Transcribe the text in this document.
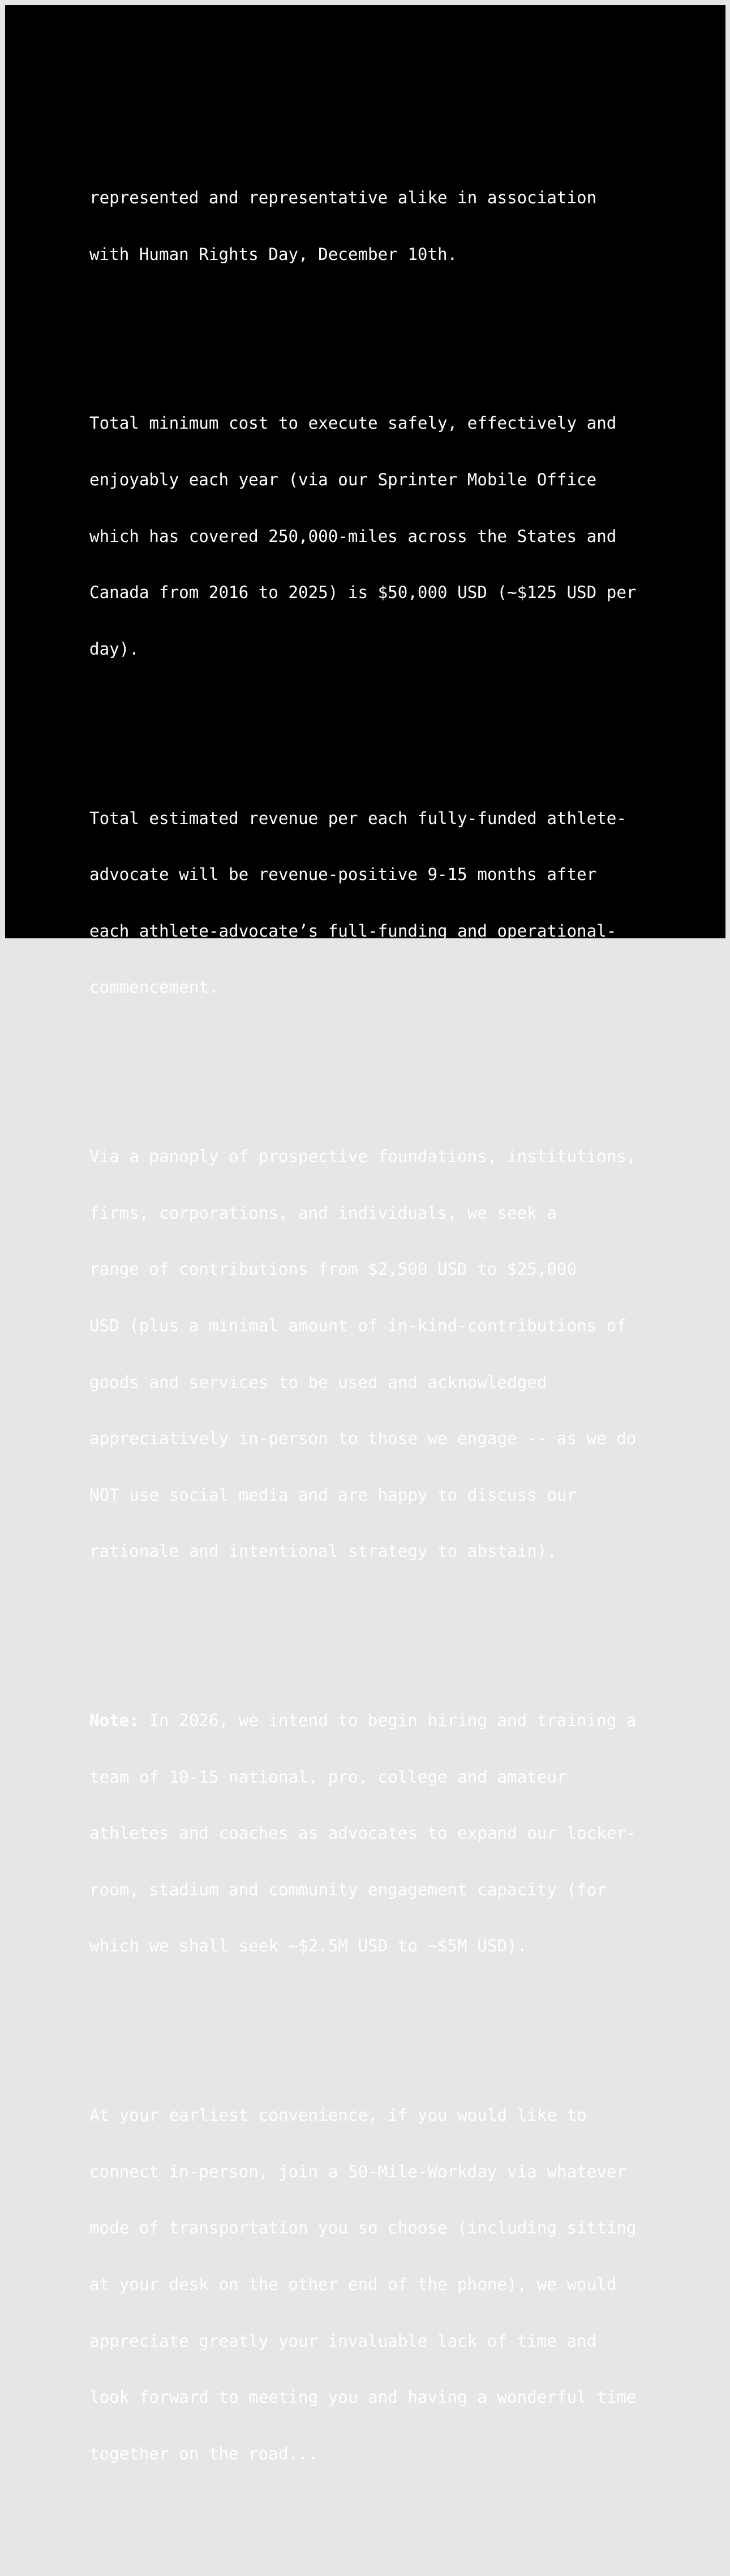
represented and representative alike in association

with Human Rights Day, December 10th.

Total minimum cost to execute safely, effectively and

enjoyably each year (via our Sprinter Mobile Office

which has covered 250,000-miles across the States and

Canada from 2016 to 2025) is $50,000 USD (~$125 USD per

day).

Total estimated revenue per each fully-funded athlete-

advocate will be revenue-positive 9-15 months after

each athlete-advocate’s full-funding and operational-

commencement.

Via a panoply of prospective foundations, institutions,

firms, corporations, and individuals, we seek a

range of contributions from $2,500 USD to $25,000

USD (plus a minimal amount of in-kind-contributions of

goods and services to be used and acknowledged

appreciatively in-person to those we engage -- as we do

NOT use social media and are happy to discuss our

rationale and intentional strategy to abstain).

Note: In 2026, we intend to begin hiring and training a

team of 10-15 national, pro, college and amateur

athletes and coaches as advocates to expand our locker-

room, stadium and community engagement capacity (for

which we shall seek ~$2.5M USD to ~$5M USD).

At your earliest convenience, if you would like to

connect in-person, join a 50-Mile-Workday via whatever

mode of transportation you so choose (including sitting

at your desk on the other end of the phone), we would

appreciate greatly your invaluable lack of time and

look forward to meeting you and having a wonderful time

together on the road...
